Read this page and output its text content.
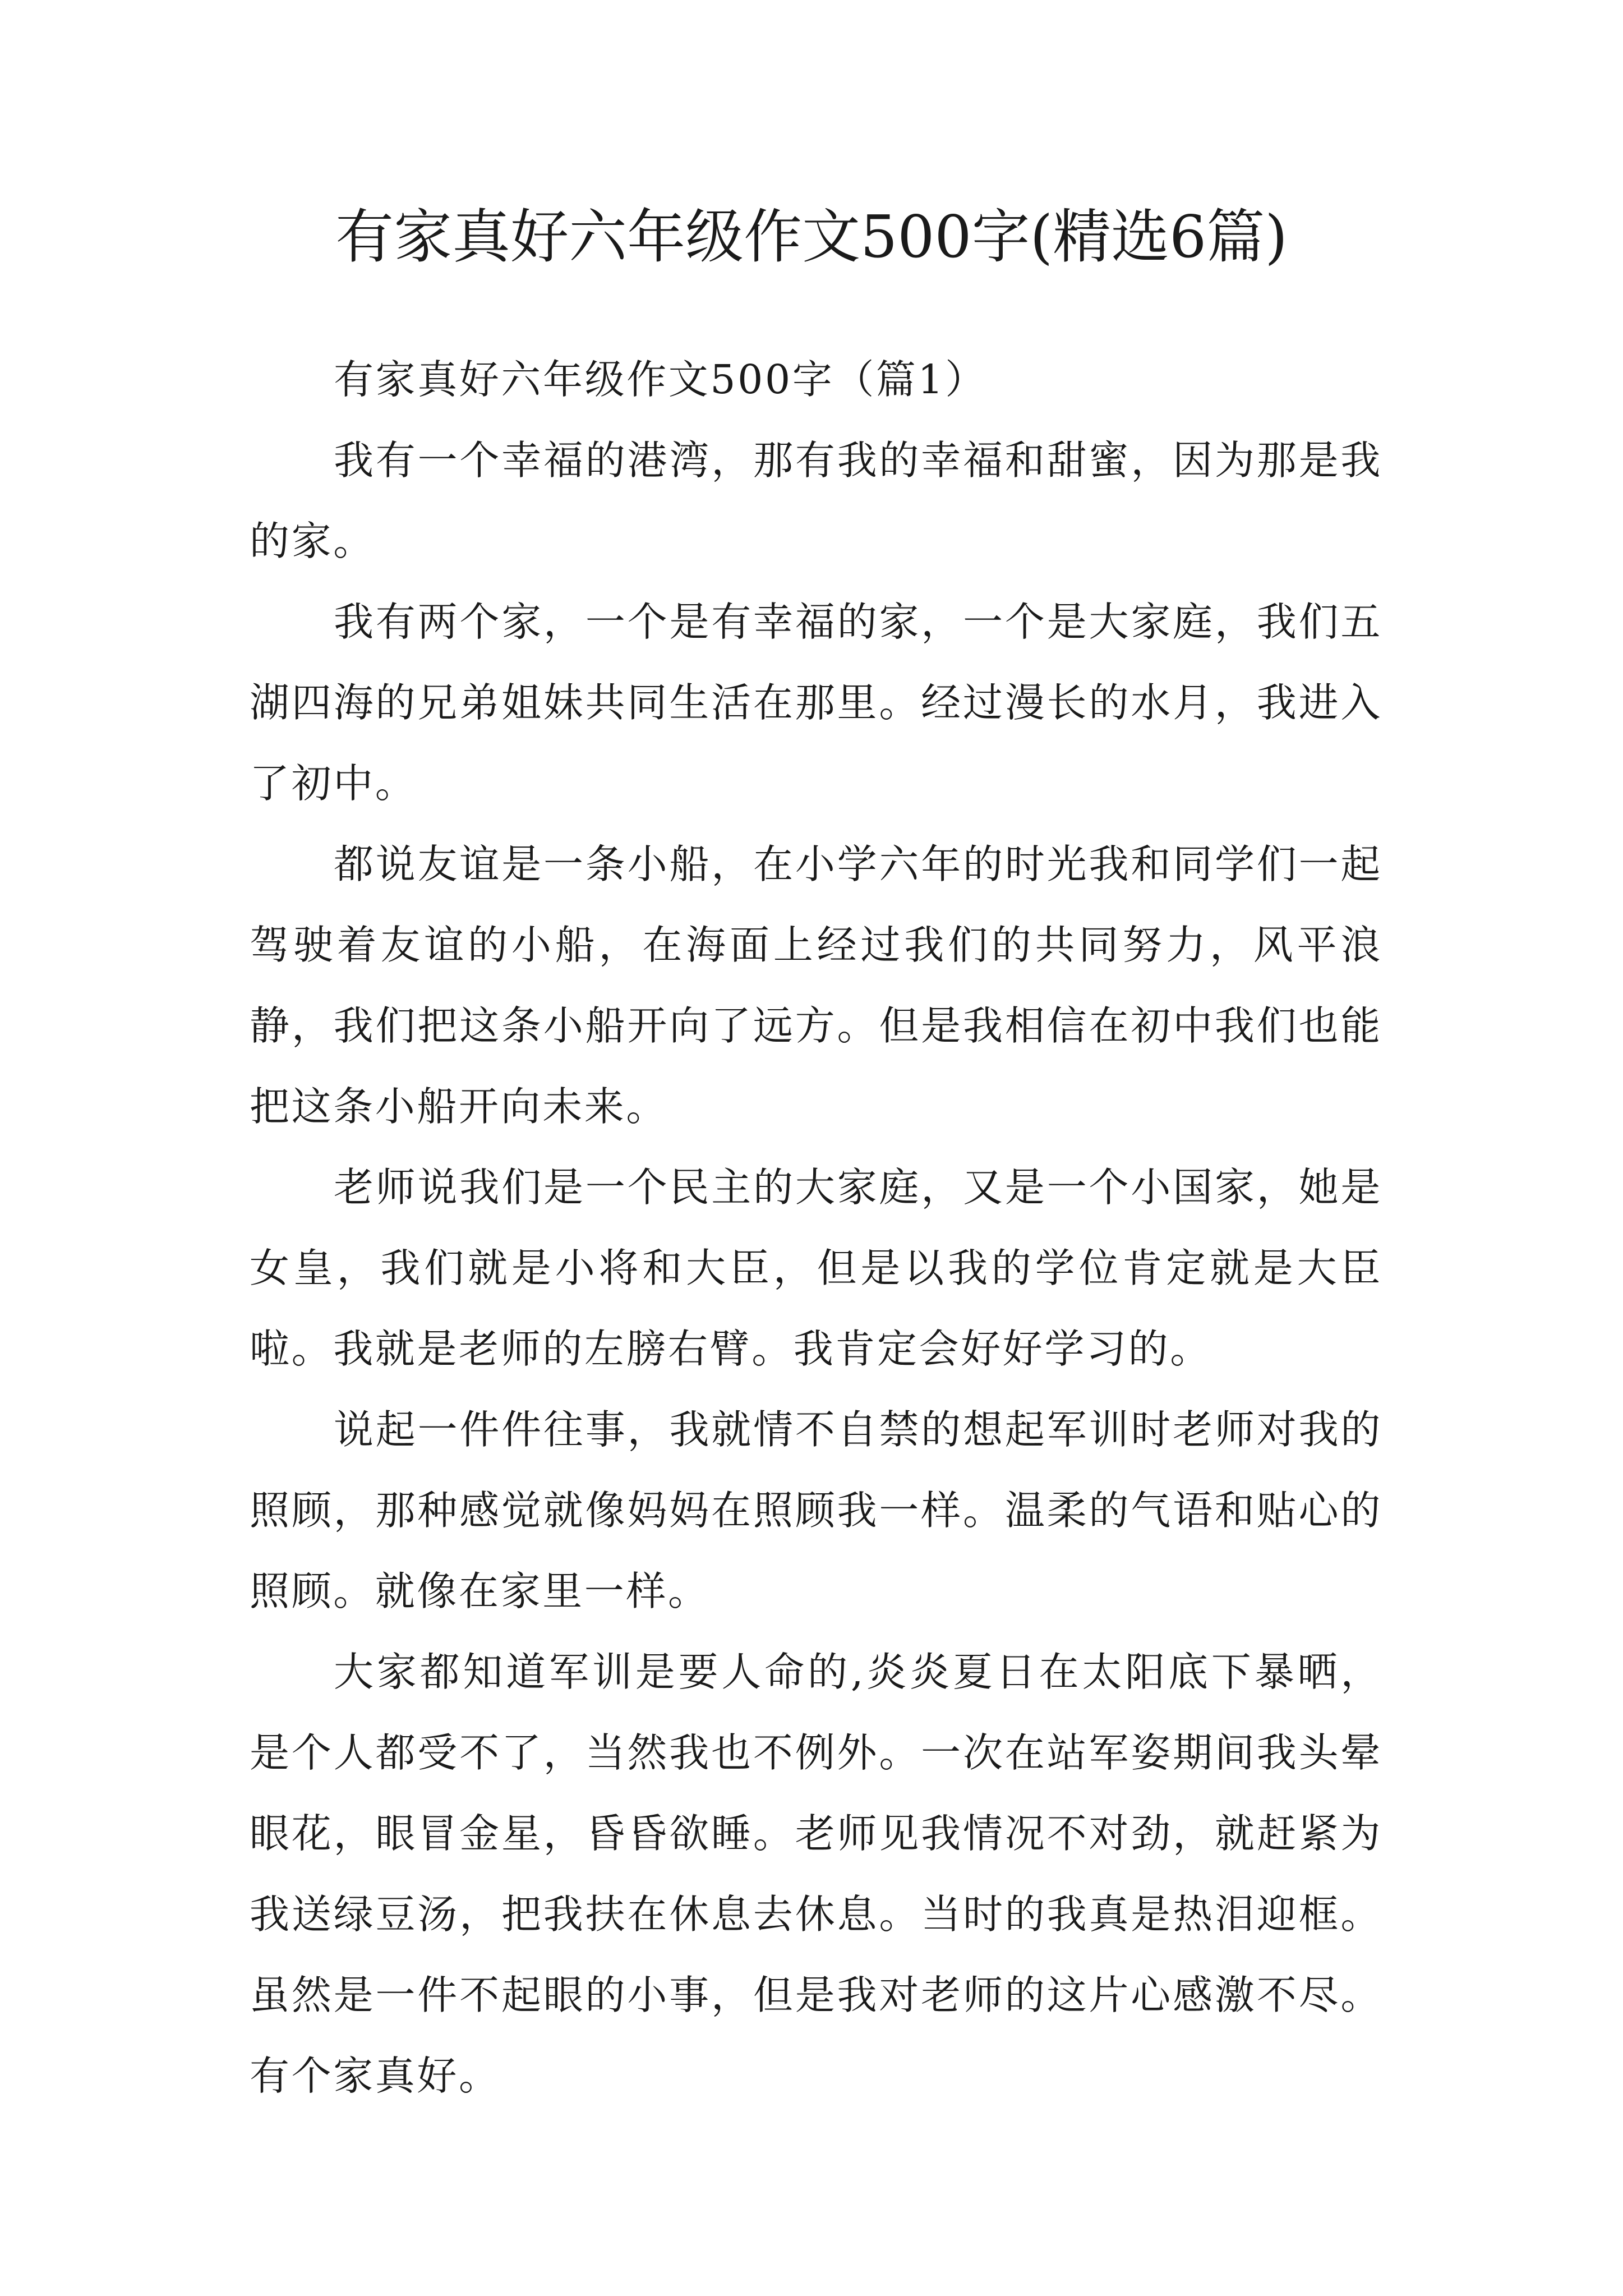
有家真好六年级作文500字(精选6篇)

有家真好六年级作文500字（篇1）

我有一个幸福的港湾，那有我的幸福和甜蜜，因为那是我的家。

我有两个家，一个是有幸福的家，一个是大家庭，我们五湖四海的兄弟姐妹共同生活在那里。经过漫长的水月，我进入了初中。

都说友谊是一条小船，在小学六年的时光我和同学们一起驾驶着友谊的小船，在海面上经过我们的共同努力，风平浪静，我们把这条小船开向了远方。但是我相信在初中我们也能把这条小船开向未来。

老师说我们是一个民主的大家庭，又是一个小国家，她是女皇，我们就是小将和大臣，但是以我的学位肯定就是大臣啦。我就是老师的左膀右臂。我肯定会好好学习的。

说起一件件往事，我就情不自禁的想起军训时老师对我的照顾，那种感觉就像妈妈在照顾我一样。温柔的气语和贴心的照顾。就像在家里一样。

大家都知道军训是要人命的,炎炎夏日在太阳底下暴晒，是个人都受不了，当然我也不例外。一次在站军姿期间我头晕眼花，眼冒金星，昏昏欲睡。老师见我情况不对劲，就赶紧为我送绿豆汤，把我扶在休息去休息。当时的我真是热泪迎框。虽然是一件不起眼的小事，但是我对老师的这片心感激不尽。有个家真好。
